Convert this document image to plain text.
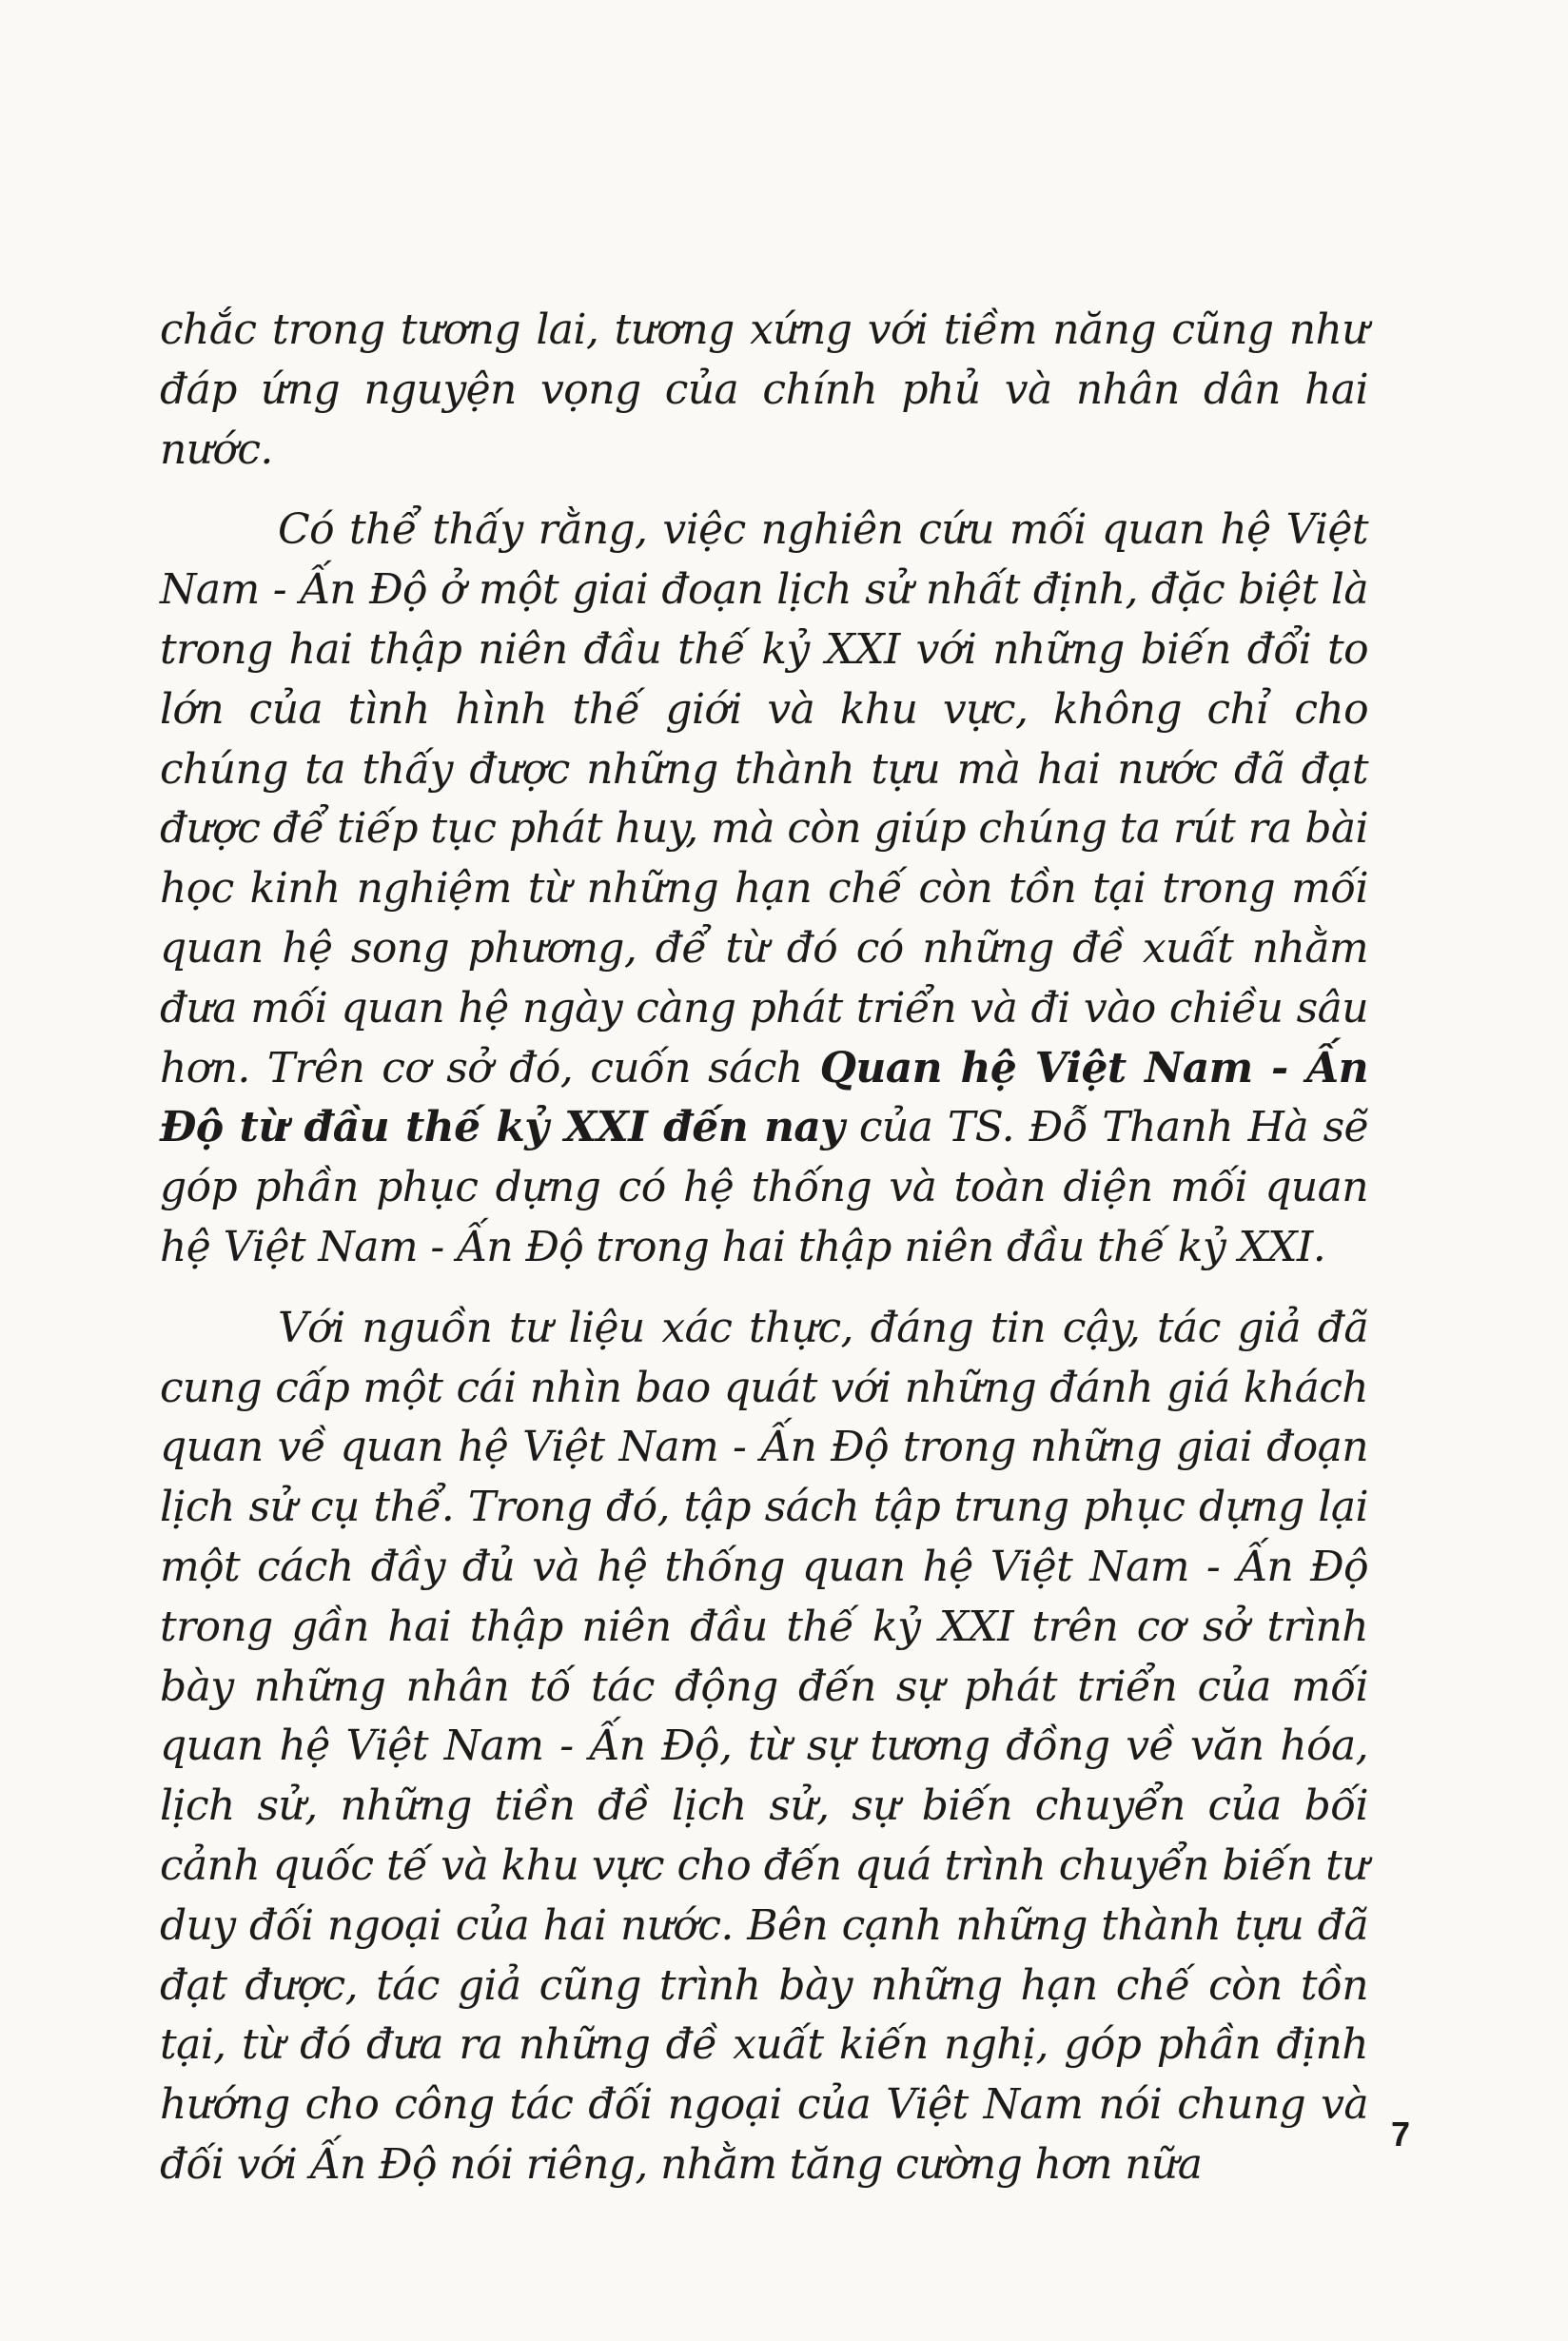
chắc trong tương lai, tương xứng với tiềm năng cũng như đáp ứng nguyện vọng của chính phủ và nhân dân hai nước.

Có thể thấy rằng, việc nghiên cứu mối quan hệ Việt Nam - Ấn Độ ở một giai đoạn lịch sử nhất định, đặc biệt là trong hai thập niên đầu thế kỷ XXI với những biến đổi to lớn của tình hình thế giới và khu vực, không chỉ cho chúng ta thấy được những thành tựu mà hai nước đã đạt được để tiếp tục phát huy, mà còn giúp chúng ta rút ra bài học kinh nghiệm từ những hạn chế còn tồn tại trong mối quan hệ song phương, để từ đó có những đề xuất nhằm đưa mối quan hệ ngày càng phát triển và đi vào chiều sâu hơn. Trên cơ sở đó, cuốn sách Quan hệ Việt Nam - Ấn Độ từ đầu thế kỷ XXI đến nay của TS. Đỗ Thanh Hà sẽ góp phần phục dựng có hệ thống và toàn diện mối quan hệ Việt Nam - Ấn Độ trong hai thập niên đầu thế kỷ XXI.

Với nguồn tư liệu xác thực, đáng tin cậy, tác giả đã cung cấp một cái nhìn bao quát với những đánh giá khách quan về quan hệ Việt Nam - Ấn Độ trong những giai đoạn lịch sử cụ thể. Trong đó, tập sách tập trung phục dựng lại một cách đầy đủ và hệ thống quan hệ Việt Nam - Ấn Độ trong gần hai thập niên đầu thế kỷ XXI trên cơ sở trình bày những nhân tố tác động đến sự phát triển của mối quan hệ Việt Nam - Ấn Độ, từ sự tương đồng về văn hóa, lịch sử, những tiền đề lịch sử, sự biến chuyển của bối cảnh quốc tế và khu vực cho đến quá trình chuyển biến tư duy đối ngoại của hai nước. Bên cạnh những thành tựu đã đạt được, tác giả cũng trình bày những hạn chế còn tồn tại, từ đó đưa ra những đề xuất kiến nghị, góp phần định hướng cho công tác đối ngoại của Việt Nam nói chung và đối với Ấn Độ nói riêng, nhằm tăng cường hơn nữa

7
